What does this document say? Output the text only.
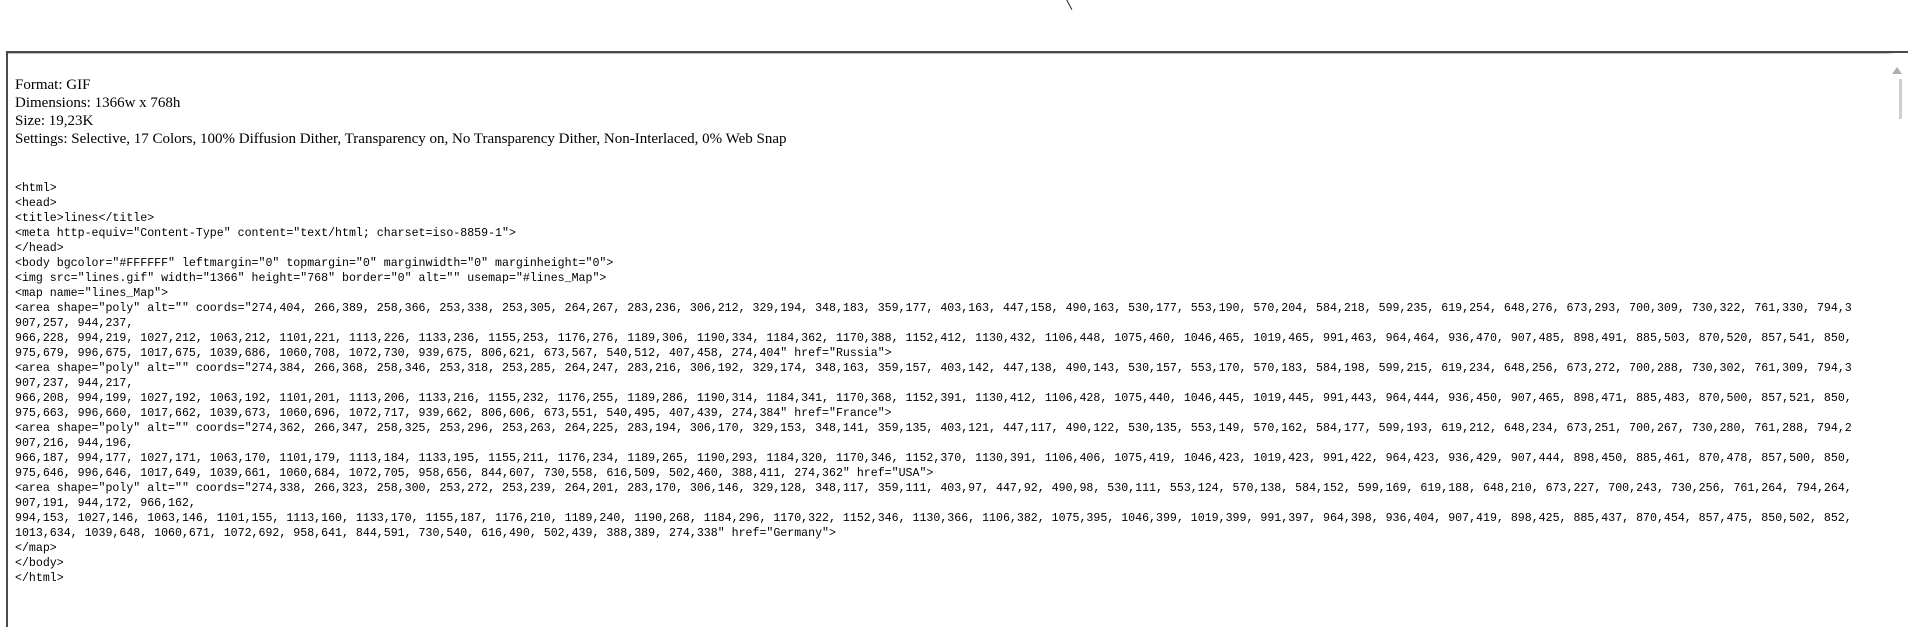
Format: GIF
Dimensions: 1366w x 768h
Size: 19,23K
Settings: Selective, 17 Colors, 100% Diffusion Dither, Transparency on, No Transparency Dither, Non-Interlaced, 0% Web Snap
<html>
<head>
<title>lines</title>
<meta http-equiv="Content-Type" content="text/html; charset=iso-8859-1">
</head>
<body bgcolor="#FFFFFF" leftmargin="0" topmargin="0" marginwidth="0" marginheight="0">
<img src="lines.gif" width="1366" height="768" border="0" alt="" usemap="#lines_Map">
<map name="lines_Map">
<area shape="poly" alt="" coords="274,404, 266,389, 258,366, 253,338, 253,305, 264,267, 283,236, 306,212, 329,194, 348,183, 359,177, 403,163, 447,158, 490,163, 530,177, 553,190, 570,204, 584,218, 599,235, 619,254, 648,276, 673,293, 700,309, 730,322, 761,330, 794,3
907,257, 944,237,
966,228, 994,219, 1027,212, 1063,212, 1101,221, 1113,226, 1133,236, 1155,253, 1176,276, 1189,306, 1190,334, 1184,362, 1170,388, 1152,412, 1130,432, 1106,448, 1075,460, 1046,465, 1019,465, 991,463, 964,464, 936,470, 907,485, 898,491, 885,503, 870,520, 857,541, 850,
975,679, 996,675, 1017,675, 1039,686, 1060,708, 1072,730, 939,675, 806,621, 673,567, 540,512, 407,458, 274,404" href="Russia">
<area shape="poly" alt="" coords="274,384, 266,368, 258,346, 253,318, 253,285, 264,247, 283,216, 306,192, 329,174, 348,163, 359,157, 403,142, 447,138, 490,143, 530,157, 553,170, 570,183, 584,198, 599,215, 619,234, 648,256, 673,272, 700,288, 730,302, 761,309, 794,3
907,237, 944,217,
966,208, 994,199, 1027,192, 1063,192, 1101,201, 1113,206, 1133,216, 1155,232, 1176,255, 1189,286, 1190,314, 1184,341, 1170,368, 1152,391, 1130,412, 1106,428, 1075,440, 1046,445, 1019,445, 991,443, 964,444, 936,450, 907,465, 898,471, 885,483, 870,500, 857,521, 850,
975,663, 996,660, 1017,662, 1039,673, 1060,696, 1072,717, 939,662, 806,606, 673,551, 540,495, 407,439, 274,384" href="France">
<area shape="poly" alt="" coords="274,362, 266,347, 258,325, 253,296, 253,263, 264,225, 283,194, 306,170, 329,153, 348,141, 359,135, 403,121, 447,117, 490,122, 530,135, 553,149, 570,162, 584,177, 599,193, 619,212, 648,234, 673,251, 700,267, 730,280, 761,288, 794,2
907,216, 944,196,
966,187, 994,177, 1027,171, 1063,170, 1101,179, 1113,184, 1133,195, 1155,211, 1176,234, 1189,265, 1190,293, 1184,320, 1170,346, 1152,370, 1130,391, 1106,406, 1075,419, 1046,423, 1019,423, 991,422, 964,423, 936,429, 907,444, 898,450, 885,461, 870,478, 857,500, 850,
975,646, 996,646, 1017,649, 1039,661, 1060,684, 1072,705, 958,656, 844,607, 730,558, 616,509, 502,460, 388,411, 274,362" href="USA">
<area shape="poly" alt="" coords="274,338, 266,323, 258,300, 253,272, 253,239, 264,201, 283,170, 306,146, 329,128, 348,117, 359,111, 403,97, 447,92, 490,98, 530,111, 553,124, 570,138, 584,152, 599,169, 619,188, 648,210, 673,227, 700,243, 730,256, 761,264, 794,264,
907,191, 944,172, 966,162,
994,153, 1027,146, 1063,146, 1101,155, 1113,160, 1133,170, 1155,187, 1176,210, 1189,240, 1190,268, 1184,296, 1170,322, 1152,346, 1130,366, 1106,382, 1075,395, 1046,399, 1019,399, 991,397, 964,398, 936,404, 907,419, 898,425, 885,437, 870,454, 857,475, 850,502, 852,
1013,634, 1039,648, 1060,671, 1072,692, 958,641, 844,591, 730,540, 616,490, 502,439, 388,389, 274,338" href="Germany">
</map>
</body>
</html>
